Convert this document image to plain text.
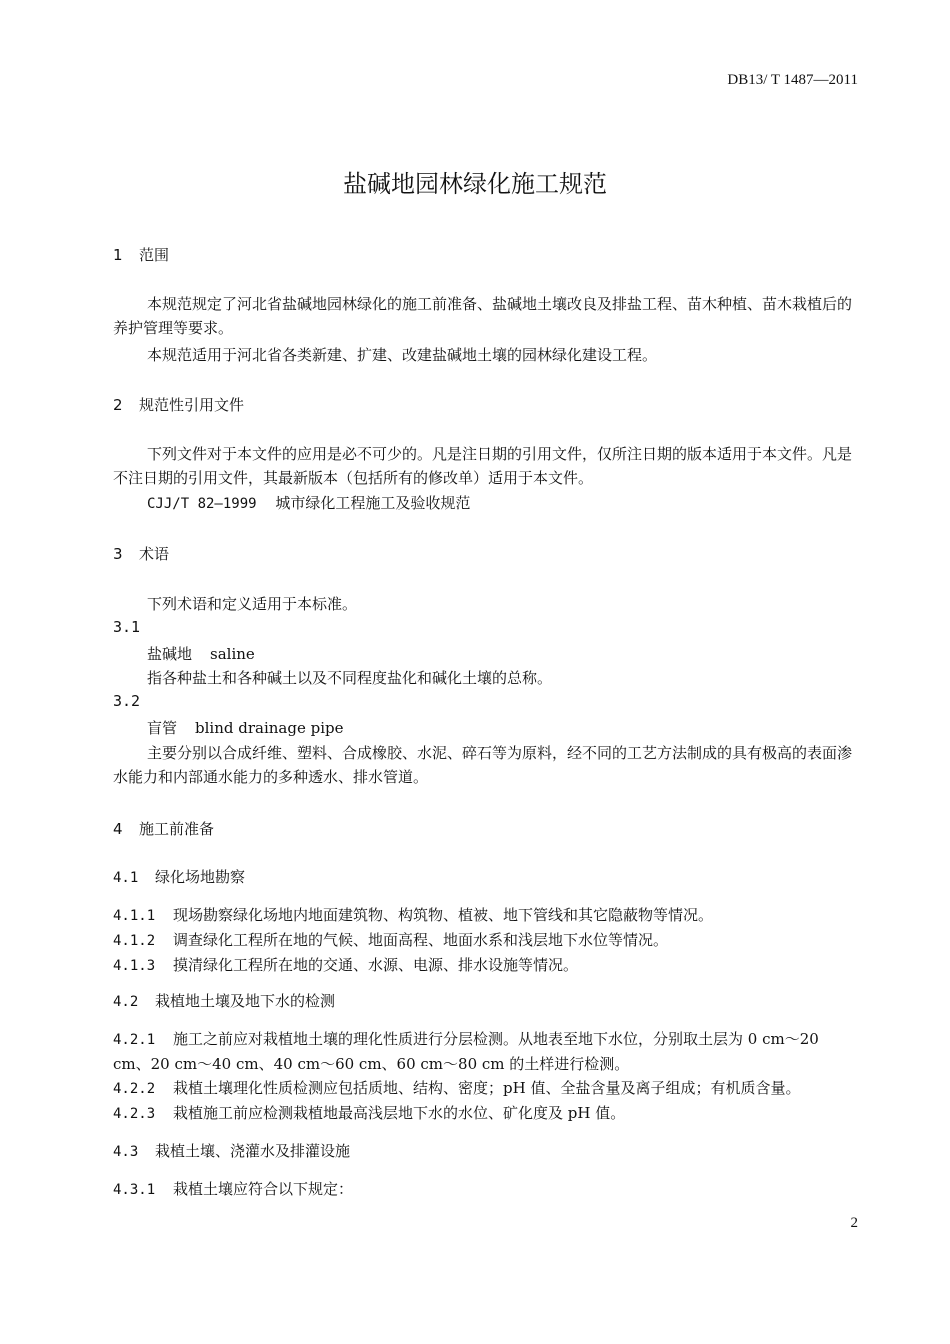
DB13/ T 1487—2011
盐碱地园林绿化施工规范
1 范围
本规范规定了河北省盐碱地园林绿化的施工前准备、盐碱地土壤改良及排盐工程、苗木种植、苗木栽植后的养护管理等要求。
本规范适用于河北省各类新建、扩建、改建盐碱地土壤的园林绿化建设工程。
2 规范性引用文件
下列文件对于本文件的应用是必不可少的。凡是注日期的引用文件，仅所注日期的版本适用于本文件。凡是不注日期的引用文件，其最新版本（包括所有的修改单）适用于本文件。
CJJ/T 82—1999 城市绿化工程施工及验收规范
3 术语
下列术语和定义适用于本标准。
3.1
盐碱地 saline
指各种盐土和各种碱土以及不同程度盐化和碱化土壤的总称。
3.2
盲管 blind drainage pipe
主要分别以合成纤维、塑料、合成橡胶、水泥、碎石等为原料，经不同的工艺方法制成的具有极高的表面渗水能力和内部通水能力的多种透水、排水管道。
4 施工前准备
4.1 绿化场地勘察
4.1.1 现场勘察绿化场地内地面建筑物、构筑物、植被、地下管线和其它隐蔽物等情况。
4.1.2 调查绿化工程所在地的气候、地面高程、地面水系和浅层地下水位等情况。
4.1.3 摸清绿化工程所在地的交通、水源、电源、排水设施等情况。
4.2 栽植地土壤及地下水的检测
4.2.1 施工之前应对栽植地土壤的理化性质进行分层检测。从地表至地下水位，分别取土层为 0 cm～20 cm、20 cm～40 cm、40 cm～60 cm、60 cm～80 cm 的土样进行检测。
4.2.2 栽植土壤理化性质检测应包括质地、结构、密度；pH 值、全盐含量及离子组成；有机质含量。
4.2.3 栽植施工前应检测栽植地最高浅层地下水的水位、矿化度及 pH 值。
4.3 栽植土壤、浇灌水及排灌设施
4.3.1 栽植土壤应符合以下规定：
2
